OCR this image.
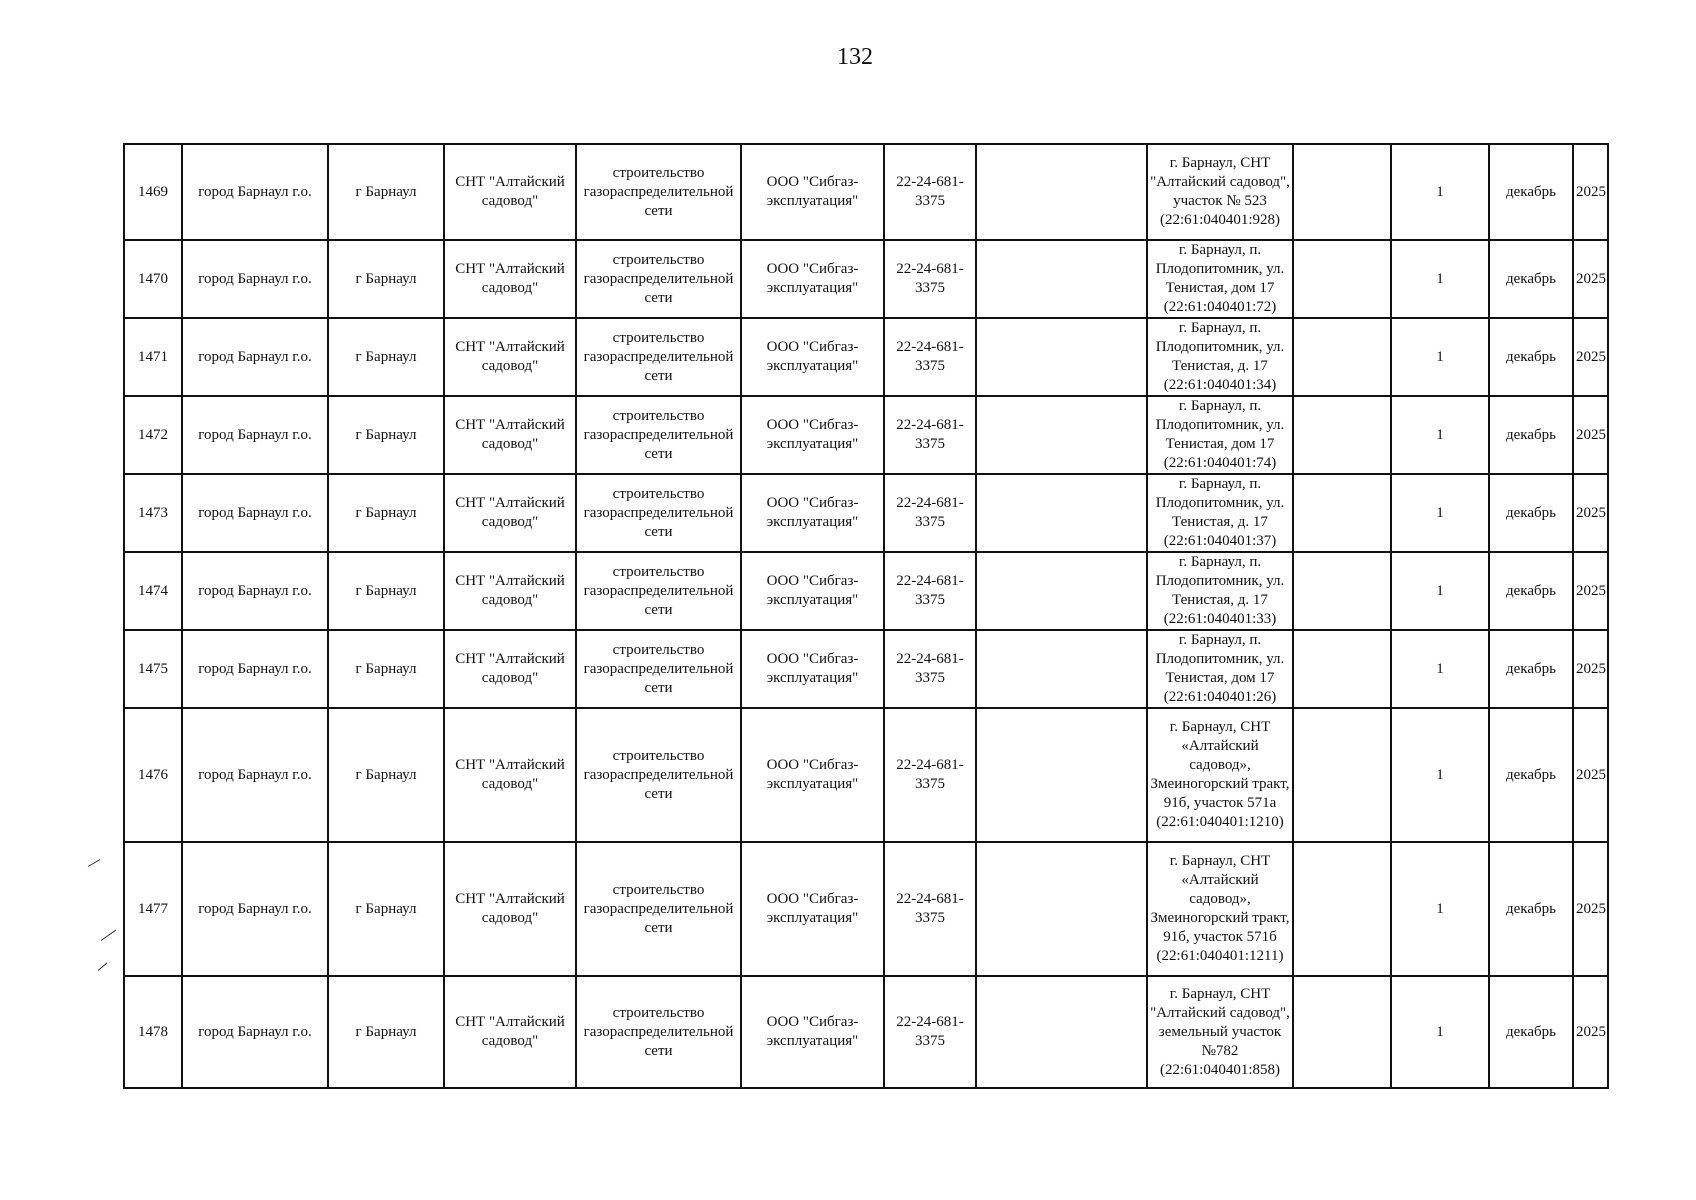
132
1469	город Барнаул г.о.	г Барнаул	СНТ "Алтайский садовод"	строительство газораспределительной сети	ООО "Сибгаз-эксплуатация"	22-24-681-3375		г. Барнаул, СНТ "Алтайский садовод", участок № 523 (22:61:040401:928)		1	декабрь	2025
1470	город Барнаул г.о.	г Барнаул	СНТ "Алтайский садовод"	строительство газораспределительной сети	ООО "Сибгаз-эксплуатация"	22-24-681-3375		г. Барнаул, п. Плодопитомник, ул. Тенистая, дом 17 (22:61:040401:72)		1	декабрь	2025
1471	город Барнаул г.о.	г Барнаул	СНТ "Алтайский садовод"	строительство газораспределительной сети	ООО "Сибгаз-эксплуатация"	22-24-681-3375		г. Барнаул, п. Плодопитомник, ул. Тенистая, д. 17 (22:61:040401:34)		1	декабрь	2025
1472	город Барнаул г.о.	г Барнаул	СНТ "Алтайский садовод"	строительство газораспределительной сети	ООО "Сибгаз-эксплуатация"	22-24-681-3375		г. Барнаул, п. Плодопитомник, ул. Тенистая, дом 17 (22:61:040401:74)		1	декабрь	2025
1473	город Барнаул г.о.	г Барнаул	СНТ "Алтайский садовод"	строительство газораспределительной сети	ООО "Сибгаз-эксплуатация"	22-24-681-3375		г. Барнаул, п. Плодопитомник, ул. Тенистая, д. 17 (22:61:040401:37)		1	декабрь	2025
1474	город Барнаул г.о.	г Барнаул	СНТ "Алтайский садовод"	строительство газораспределительной сети	ООО "Сибгаз-эксплуатация"	22-24-681-3375		г. Барнаул, п. Плодопитомник, ул. Тенистая, д. 17 (22:61:040401:33)		1	декабрь	2025
1475	город Барнаул г.о.	г Барнаул	СНТ "Алтайский садовод"	строительство газораспределительной сети	ООО "Сибгаз-эксплуатация"	22-24-681-3375		г. Барнаул, п. Плодопитомник, ул. Тенистая, дом 17 (22:61:040401:26)		1	декабрь	2025
1476	город Барнаул г.о.	г Барнаул	СНТ "Алтайский садовод"	строительство газораспределительной сети	ООО "Сибгаз-эксплуатация"	22-24-681-3375		г. Барнаул, СНТ «Алтайский садовод», Змеиногорский тракт, 91б, участок 571а (22:61:040401:1210)		1	декабрь	2025
1477	город Барнаул г.о.	г Барнаул	СНТ "Алтайский садовод"	строительство газораспределительной сети	ООО "Сибгаз-эксплуатация"	22-24-681-3375		г. Барнаул, СНТ «Алтайский садовод», Змеиногорский тракт, 91б, участок 571б (22:61:040401:1211)		1	декабрь	2025
1478	город Барнаул г.о.	г Барнаул	СНТ "Алтайский садовод"	строительство газораспределительной сети	ООО "Сибгаз-эксплуатация"	22-24-681-3375		г. Барнаул, СНТ "Алтайский садовод", земельный участок №782 (22:61:040401:858)		1	декабрь	2025
